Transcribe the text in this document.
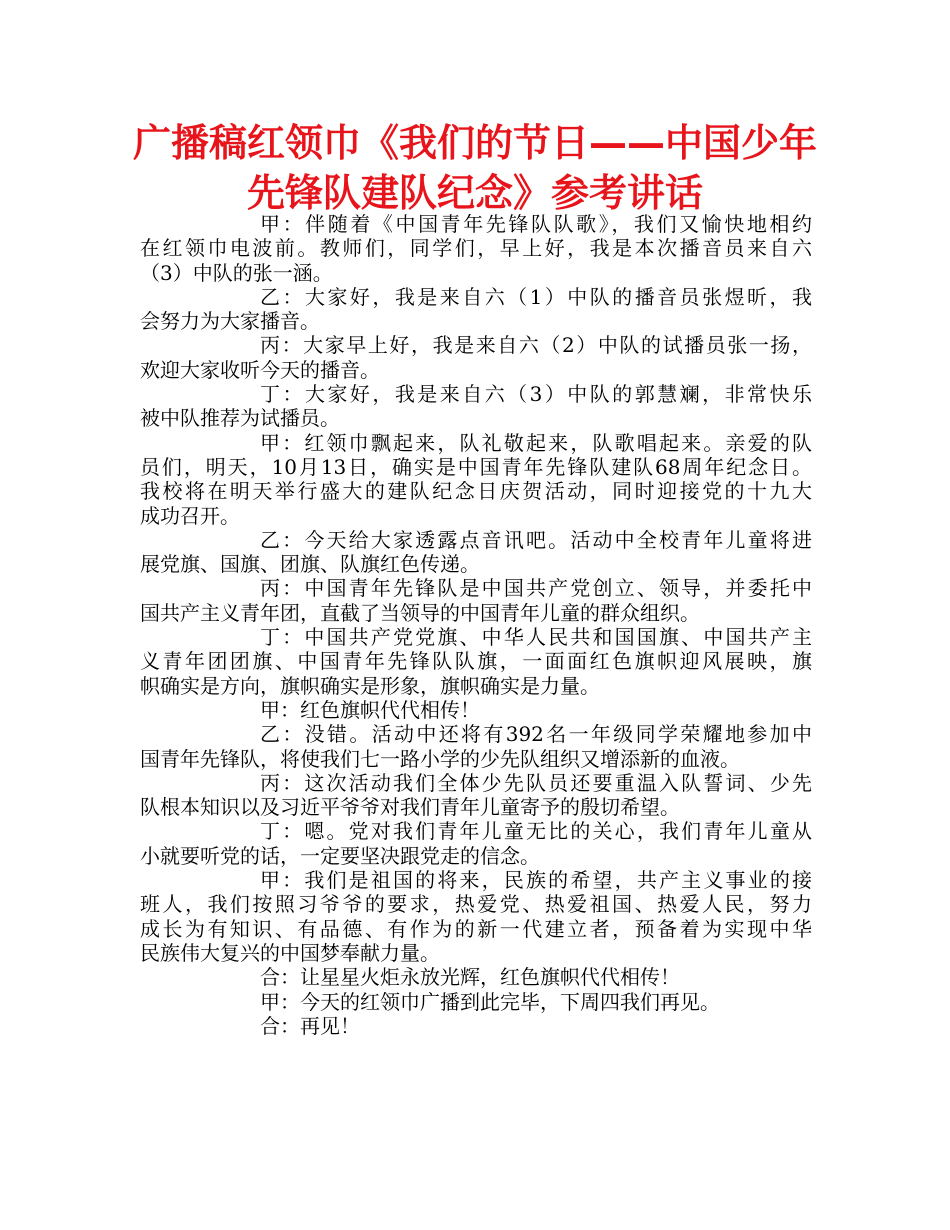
广播稿红领巾《我们的节日——中国少年
先锋队建队纪念》参考讲话
甲：伴随着《中国青年先锋队队歌》，我们又愉快地相约
在红领巾电波前。教师们，同学们，早上好，我是本次播音员来自六
（3）中队的张一涵。
乙：大家好，我是来自六（1）中队的播音员张煜昕，我
会努力为大家播音。
丙：大家早上好，我是来自六（2）中队的试播员张一扬，
欢迎大家收听今天的播音。
丁：大家好，我是来自六（3）中队的郭慧斓，非常快乐
被中队推荐为试播员。
甲：红领巾飘起来，队礼敬起来，队歌唱起来。亲爱的队
员们，明天，10月13日，确实是中国青年先锋队建队68周年纪念日。
我校将在明天举行盛大的建队纪念日庆贺活动，同时迎接党的十九大
成功召开。
乙：今天给大家透露点音讯吧。活动中全校青年儿童将进
展党旗、国旗、团旗、队旗红色传递。
丙：中国青年先锋队是中国共产党创立、领导，并委托中
国共产主义青年团，直截了当领导的中国青年儿童的群众组织。
丁：中国共产党党旗、中华人民共和国国旗、中国共产主
义青年团团旗、中国青年先锋队队旗，一面面红色旗帜迎风展映，旗
帜确实是方向，旗帜确实是形象，旗帜确实是力量。
甲：红色旗帜代代相传！
乙：没错。活动中还将有392名一年级同学荣耀地参加中
国青年先锋队，将使我们七一路小学的少先队组织又增添新的血液。
丙：这次活动我们全体少先队员还要重温入队誓词、少先
队根本知识以及习近平爷爷对我们青年儿童寄予的殷切希望。
丁：嗯。党对我们青年儿童无比的关心，我们青年儿童从
小就要听党的话，一定要坚决跟党走的信念。
甲：我们是祖国的将来，民族的希望，共产主义事业的接
班人，我们按照习爷爷的要求，热爱党、热爱祖国、热爱人民，努力
成长为有知识、有品德、有作为的新一代建立者，预备着为实现中华
民族伟大复兴的中国梦奉献力量。
合：让星星火炬永放光辉，红色旗帜代代相传！
甲：今天的红领巾广播到此完毕，下周四我们再见。
合：再见！
